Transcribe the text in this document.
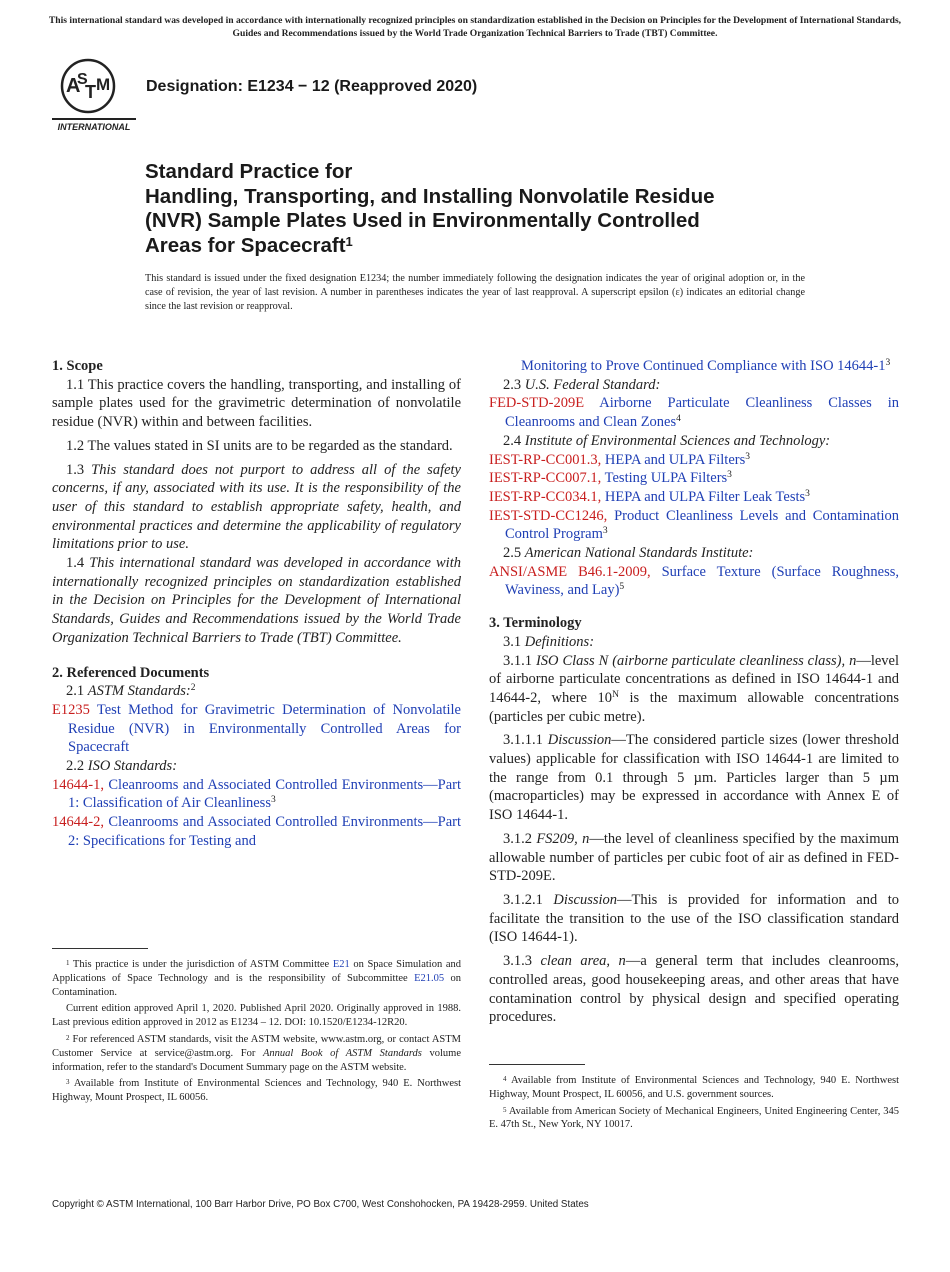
This international standard was developed in accordance with internationally recognized principles on standardization established in the Decision on Principles for the Development of International Standards, Guides and Recommendations issued by the World Trade Organization Technical Barriers to Trade (TBT) Committee.
A
S
T M
INTERNATIONAL
Designation: E1234 − 12 (Reapproved 2020)
Standard Practice for
Handling, Transporting, and Installing Nonvolatile Residue
(NVR) Sample Plates Used in Environmentally Controlled
Areas for Spacecraft$^1$
This standard is issued under the fixed designation E1234; the number immediately following the designation indicates the year of original adoption or, in the case of revision, the year of last revision. A number in parentheses indicates the year of last reapproval. A superscript epsilon (ε) indicates an editorial change since the last revision or reapproval.

1. Scope

1.1 This practice covers the handling, transporting, and installing of sample plates used for the gravimetric determination of nonvolatile residue (NVR) within and between facilities.

1.2 The values stated in SI units are to be regarded as the standard.

1.3 This standard does not purport to address all of the safety concerns, if any, associated with its use. It is the responsibility of the user of this standard to establish appropriate safety, health, and environmental practices and determine the applicability of regulatory limitations prior to use.

1.4 This international standard was developed in accordance with internationally recognized principles on standardization established in the Decision on Principles for the Development of International Standards, Guides and Recommendations issued by the World Trade Organization Technical Barriers to Trade (TBT) Committee.

2. Referenced Documents

2.1 ASTM Standards:$^2$

E1235 Test Method for Gravimetric Determination of Nonvolatile Residue (NVR) in Environmentally Controlled Areas for Spacecraft

2.2 ISO Standards:

14644-1, Cleanrooms and Associated Controlled Environments—Part 1: Classification of Air Cleanliness$^3$

14644-2, Cleanrooms and Associated Controlled Environments—Part 2: Specifications for Testing and

$^1$ This practice is under the jurisdiction of ASTM Committee E21 on Space Simulation and Applications of Space Technology and is the responsibility of Subcommittee E21.05 on Contamination.

Current edition approved April 1, 2020. Published April 2020. Originally approved in 1988. Last previous edition approved in 2012 as E1234 – 12. DOI: 10.1520/E1234-12R20.

$^2$ For referenced ASTM standards, visit the ASTM website, www.astm.org, or contact ASTM Customer Service at service@astm.org. For Annual Book of ASTM Standards volume information, refer to the standard's Document Summary page on the ASTM website.

$^3$ Available from Institute of Environmental Sciences and Technology, 940 E. Northwest Highway, Mount Prospect, IL 60056.

Monitoring to Prove Continued Compliance with ISO $14644-1^3$

2.3 U.S. Federal Standard:

FED-STD-209E Airborne Particulate Cleanliness Classes in Cleanrooms and Clean Zones$^4$

2.4 Institute of Environmental Sciences and Technology:

IEST-RP-CC001.3, HEPA and ULPA Filters$^3$

IEST-RP-CC007.1, Testing ULPA Filters$^3$

IEST-RP-CC034.1, HEPA and ULPA Filter Leak Tests$^3$

IEST-STD-CC1246, Product Cleanliness Levels and Contamination Control Program$^3$

2.5 American National Standards Institute:

ANSI/ASME B46.1-2009, Surface Texture (Surface Roughness, Waviness, and Lay)$^5$

3. Terminology

3.1 Definitions:

3.1.1 ISO Class N (airborne particulate cleanliness class), n—level of airborne particulate concentrations as defined in ISO 14644-1 and 14644-2, where $10^N$ is the maximum allowable concentrations (particles per cubic metre).

3.1.1.1 Discussion—The considered particle sizes (lower threshold values) applicable for classification with ISO 14644-1 are limited to the range from 0.1 through 5 µm. Particles larger than 5 µm (macroparticles) may be expressed in accordance with Annex E of ISO 14644-1.

3.1.2 FS209, n—the level of cleanliness specified by the maximum allowable number of particles per cubic foot of air as defined in FED-STD-209E.

3.1.2.1 Discussion—This is provided for information and to facilitate the transition to the use of the ISO classification standard (ISO 14644-1).

3.1.3 clean area, n—a general term that includes cleanrooms, controlled areas, good housekeeping areas, and other areas that have contamination control by physical design and specified operating procedures.

$^4$ Available from Institute of Environmental Sciences and Technology, 940 E. Northwest Highway, Mount Prospect, IL 60056, and U.S. government sources.

$^5$ Available from American Society of Mechanical Engineers, United Engineering Center, 345 E. 47th St., New York, NY 10017.

Copyright © ASTM International, 100 Barr Harbor Drive, PO Box C700, West Conshohocken, PA 19428-2959. United States
